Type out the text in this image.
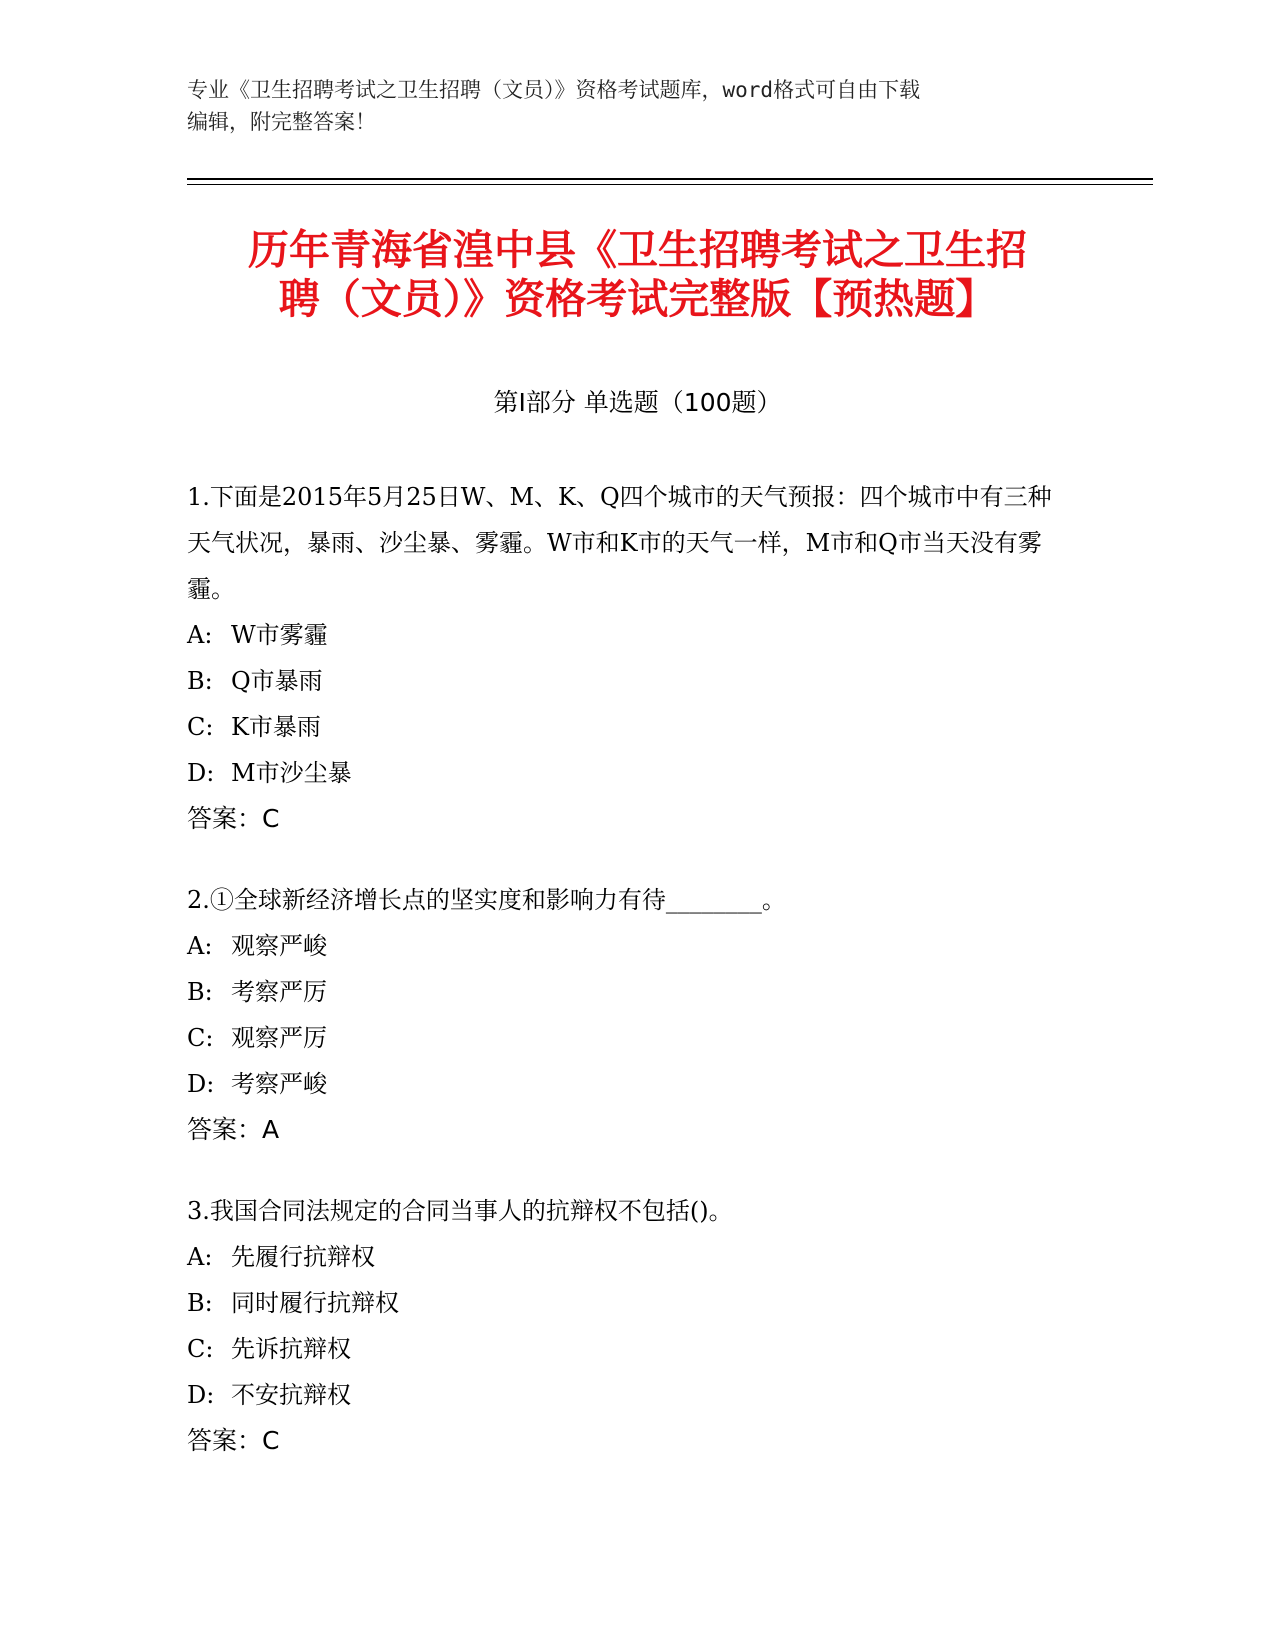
专业《卫生招聘考试之卫生招聘（文员）》资格考试题库，word格式可自由下载
编辑，附完整答案！
历年青海省湟中县《卫生招聘考试之卫生招
聘（文员）》资格考试完整版【预热题】
第Ⅰ部分 单选题（100题）

1.下面是2015年5月25日W、M、K、Q四个城市的天气预报：四个城市中有三种天气状况，暴雨、沙尘暴、雾霾。W市和K市的天气一样，M市和Q市当天没有雾霾。

A: W市雾霾

B: Q市暴雨

C: K市暴雨

D: M市沙尘暴

答案：C

2.①全球新经济增长点的坚实度和影响力有待________。

A: 观察严峻

B: 考察严厉

C: 观察严厉

D: 考察严峻

答案：A

3.我国合同法规定的合同当事人的抗辩权不包括()。

A: 先履行抗辩权

B: 同时履行抗辩权

C: 先诉抗辩权

D: 不安抗辩权

答案：C
